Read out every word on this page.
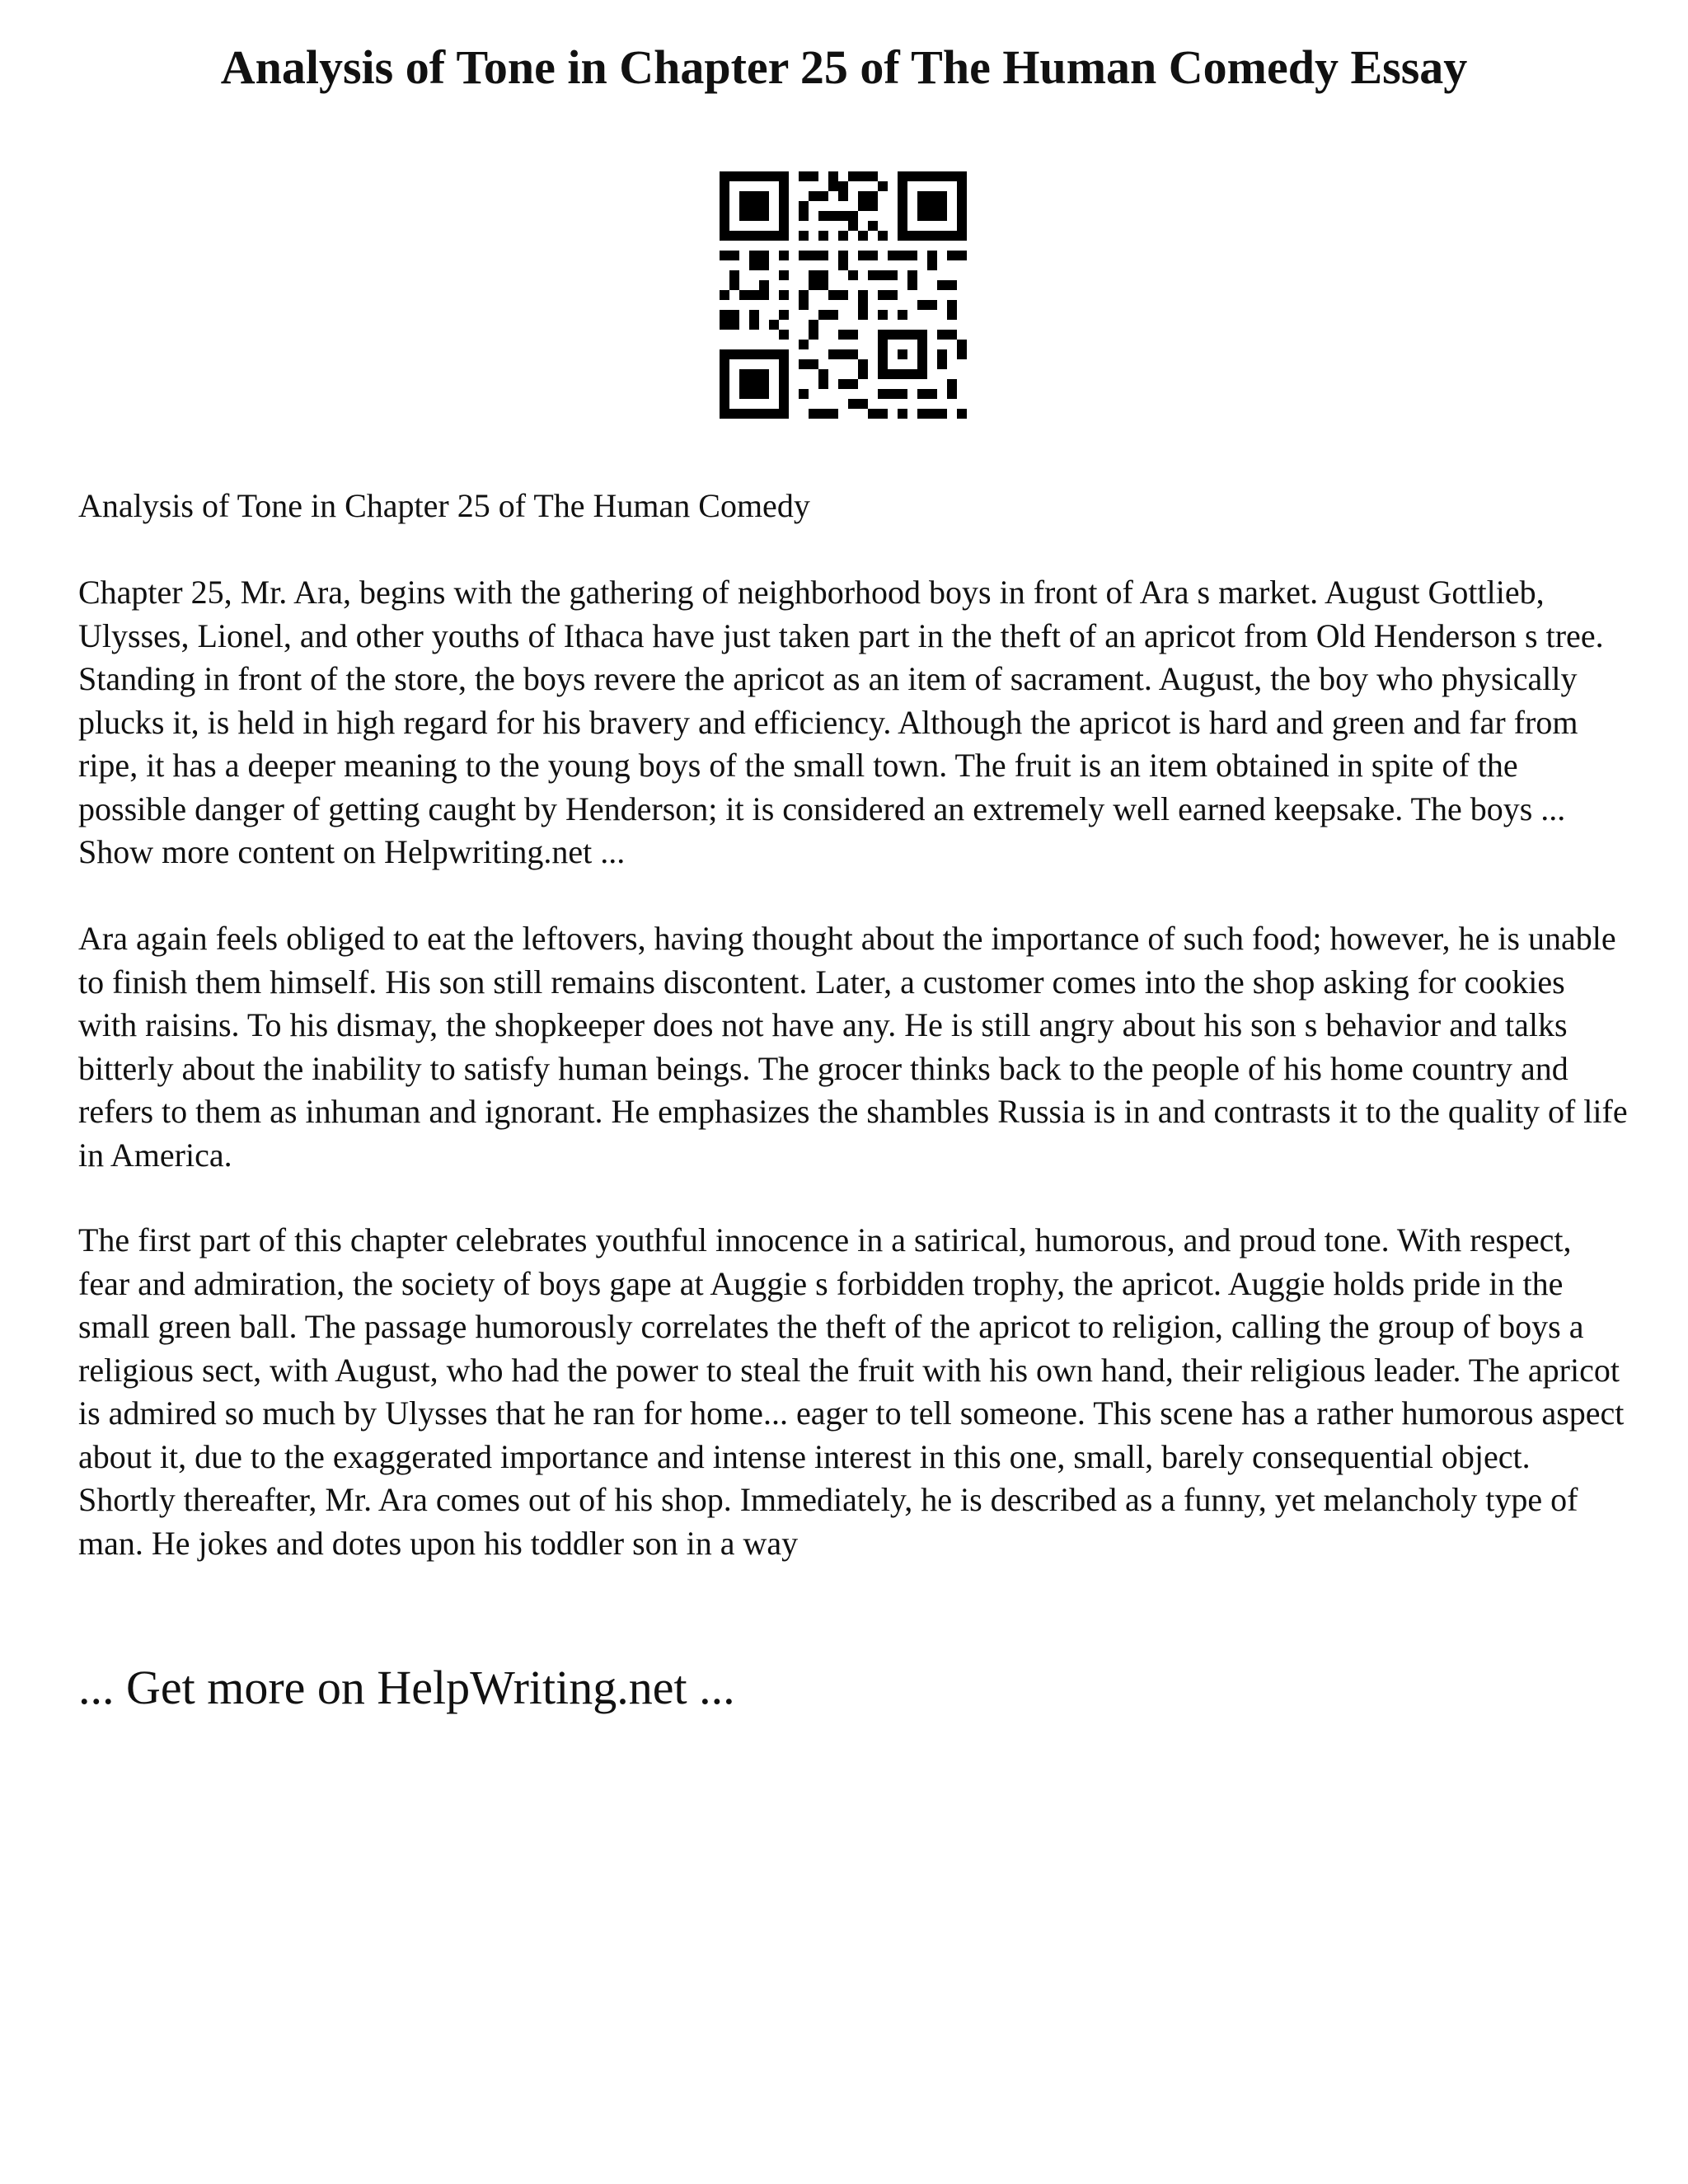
Analysis of Tone in Chapter 25 of The Human Comedy Essay

Analysis of Tone in Chapter 25 of The Human Comedy

Chapter 25, Mr. Ara, begins with the gathering of neighborhood boys in front of Ara s market. August Gottlieb, Ulysses, Lionel, and other youths of Ithaca have just taken part in the theft of an apricot from Old Henderson s tree. Standing in front of the store, the boys revere the apricot as an item of sacrament. August, the boy who physically plucks it, is held in high regard for his bravery and efficiency. Although the apricot is hard and green and far from ripe, it has a deeper meaning to the young boys of the small town. The fruit is an item obtained in spite of the possible danger of getting caught by Henderson; it is considered an extremely well earned keepsake. The boys ... Show more content on Helpwriting.net ...

Ara again feels obliged to eat the leftovers, having thought about the importance of such food; however, he is unable to finish them himself. His son still remains discontent. Later, a customer comes into the shop asking for cookies with raisins. To his dismay, the shopkeeper does not have any. He is still angry about his son s behavior and talks bitterly about the inability to satisfy human beings. The grocer thinks back to the people of his home country and refers to them as inhuman and ignorant. He emphasizes the shambles Russia is in and contrasts it to the quality of life in America.

The first part of this chapter celebrates youthful innocence in a satirical, humorous, and proud tone. With respect, fear and admiration, the society of boys gape at Auggie s forbidden trophy, the apricot. Auggie holds pride in the small green ball. The passage humorously correlates the theft of the apricot to religion, calling the group of boys a religious sect, with August, who had the power to steal the fruit with his own hand, their religious leader. The apricot is admired so much by Ulysses that he ran for home... eager to tell someone. This scene has a rather humorous aspect about it, due to the exaggerated importance and intense interest in this one, small, barely consequential object. Shortly thereafter, Mr. Ara comes out of his shop. Immediately, he is described as a funny, yet melancholy type of man. He jokes and dotes upon his toddler son in a way

... Get more on HelpWriting.net ...
